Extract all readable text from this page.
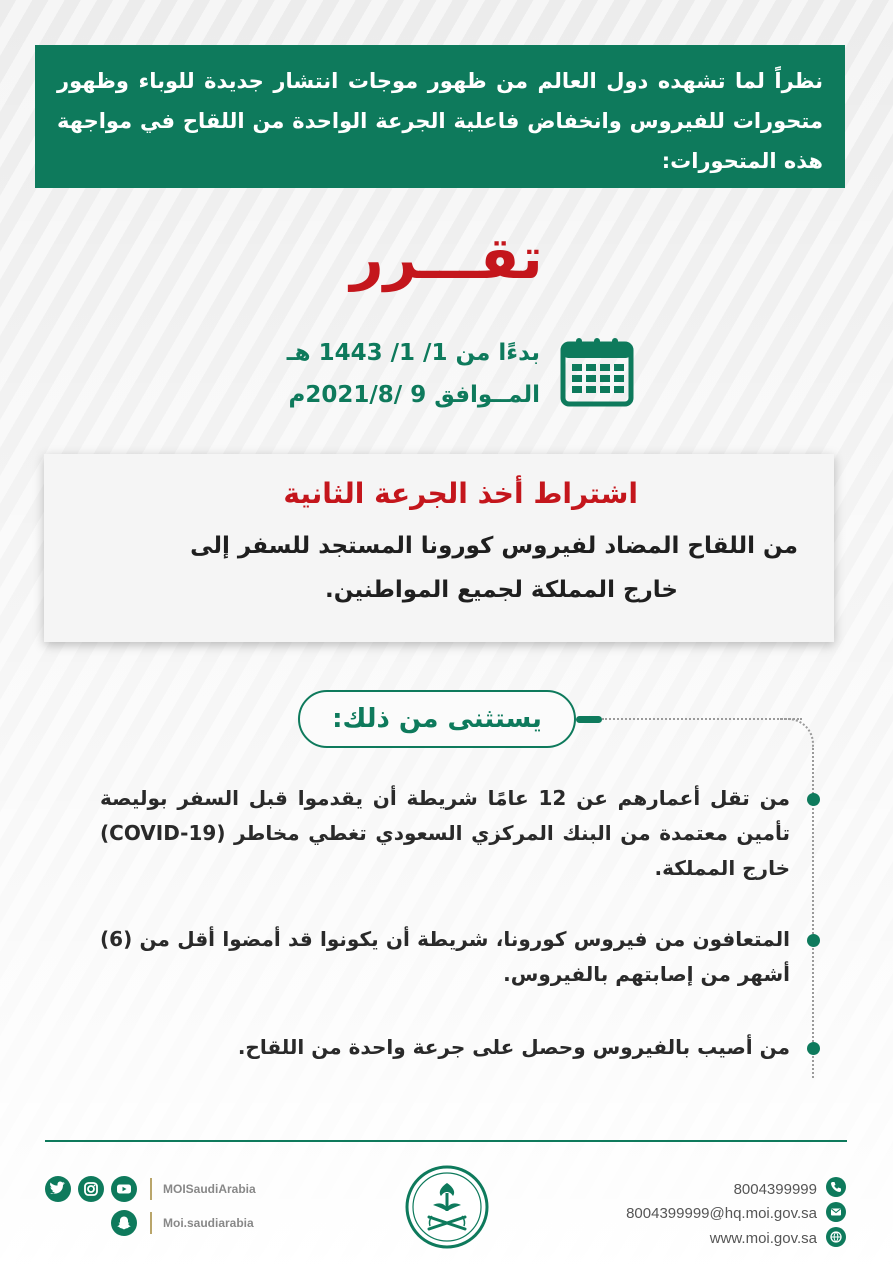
نظراً لما تشهده دول العالم من ظهور موجات انتشار جديدة للوباء وظهور متحورات للفيروس وانخفاض فاعلية الجرعة الواحدة من اللقاح في مواجهة هذه المتحورات:
تقـــرر
بدءًا من 1/ 1/ 1443 هـ
المــوافق 9 /2021/8م
اشتراط أخذ الجرعة الثانية
من اللقاح المضاد لفيروس كورونا المستجد للسفر إلى
خارج المملكة لجميع المواطنين.
يستثنى من ذلك:
من تقل أعمارهم عن 12 عامًا شريطة أن يقدموا قبل السفر بوليصة تأمين معتمدة من البنك المركزي السعودي تغطي مخاطر (COVID-19) خارج المملكة.
المتعافون من فيروس كورونا، شريطة أن يكونوا قد أمضوا أقل من (6) أشهر من إصابتهم بالفيروس.
من أصيب بالفيروس وحصل على جرعة واحدة من اللقاح.
MOISaudiArabia
Moi.saudiarabia
8004399999
8004399999@hq.moi.gov.sa
www.moi.gov.sa
